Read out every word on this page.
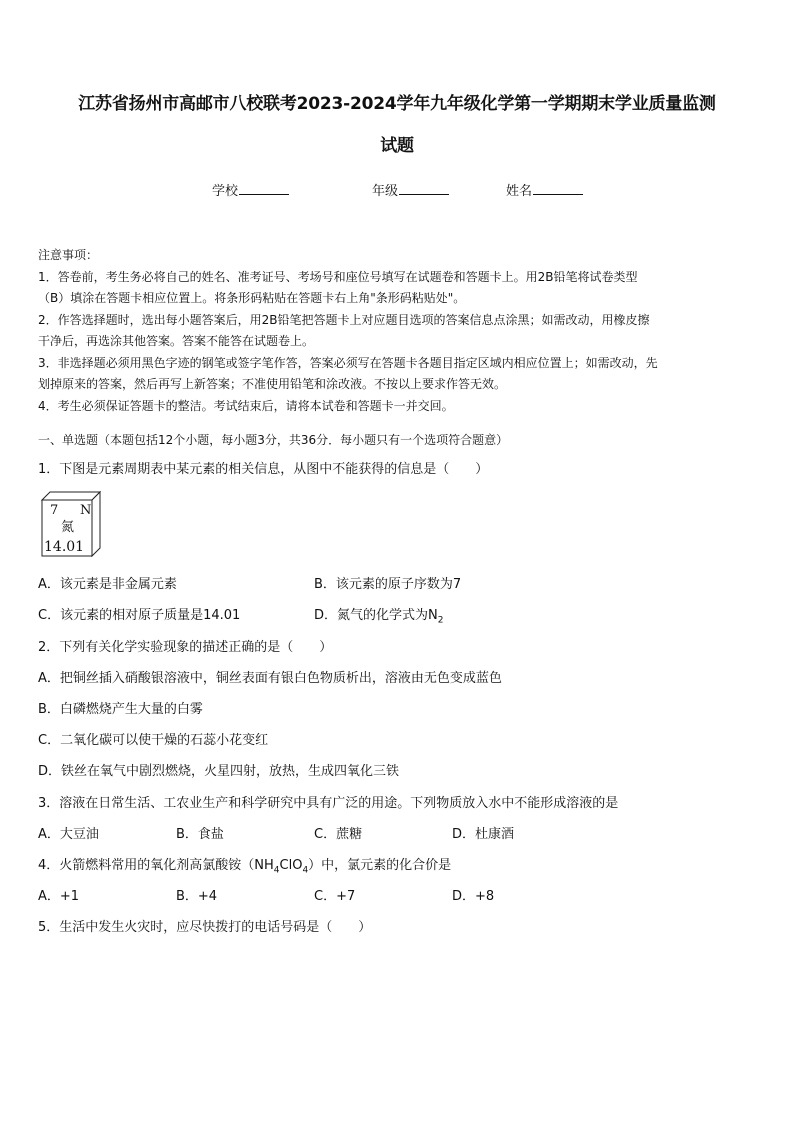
江苏省扬州市高邮市八校联考2023-2024学年九年级化学第一学期期末学业质量监测
试题
学校	年级	姓名

注意事项：

1．答卷前，考生务必将自己的姓名、准考证号、考场号和座位号填写在试题卷和答题卡上。用2B铅笔将试卷类型

（B）填涂在答题卡相应位置上。将条形码粘贴在答题卡右上角"条形码粘贴处"。

2．作答选择题时，选出每小题答案后，用2B铅笔把答题卡上对应题目选项的答案信息点涂黑；如需改动，用橡皮擦

干净后，再选涂其他答案。答案不能答在试题卷上。

3．非选择题必须用黑色字迹的钢笔或签字笔作答，答案必须写在答题卡各题目指定区域内相应位置上；如需改动，先

划掉原来的答案，然后再写上新答案；不准使用铅笔和涂改液。不按以上要求作答无效。

4．考生必须保证答题卡的整洁。考试结束后，请将本试卷和答题卡一并交回。

一、单选题（本题包括12个小题，每小题3分，共36分．每小题只有一个选项符合题意）
1．下图是元素周期表中某元素的相关信息，从图中不能获得的信息是（　　）
7 N
氮
14.01
A．该元素是非金属元素	B．该元素的原子序数为7
C．该元素的相对原子质量是14.01	D．氮气的化学式为$N_2$
2．下列有关化学实验现象的描述正确的是（　　）
A．把铜丝插入硝酸银溶液中，铜丝表面有银白色物质析出，溶液由无色变成蓝色
B．白磷燃烧产生大量的白雾
C．二氧化碳可以使干燥的石蕊小花变红
D．铁丝在氧气中剧烈燃烧，火星四射，放热，生成四氧化三铁
3．溶液在日常生活、工农业生产和科学研究中具有广泛的用途。下列物质放入水中不能形成溶液的是
A．大豆油	B．食盐	C．蔗糖	D．杜康酒
4．火箭燃料常用的氧化剂高氯酸铵$(NH_4ClO_4)$中，氯元素的化合价是
A．+1	B．+4	C．+7	D．+8
5．生活中发生火灾时，应尽快拨打的电话号码是（　　）
